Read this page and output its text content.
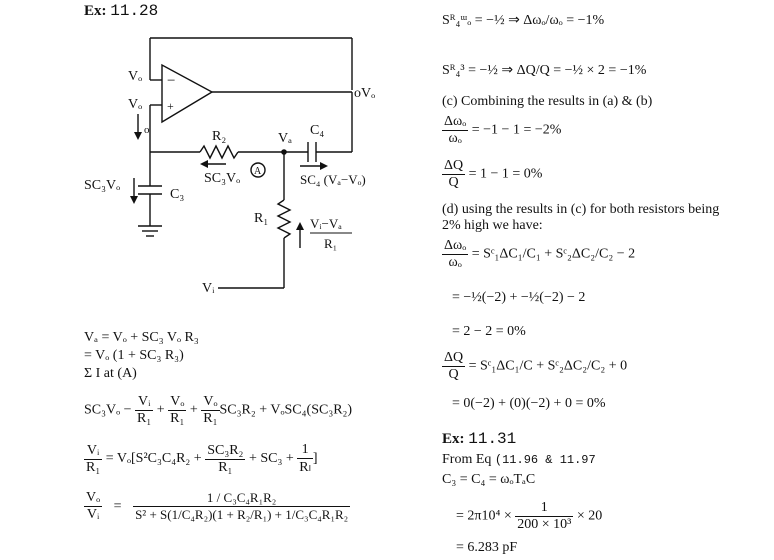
Ex: 11.28
Vₒ
Vₒ
−
+
oVₒ
o	R₂	Vₐ
C₄
A
SC₃Vₒ	SC₄ (Vₐ−Vₒ)
C₃
R₁	Vᵢ−Vₐ
R₁
Vᵢ
SC₃Vₒ
Vₐ = Vₒ + SC₃ Vₒ R₃
= Vₒ (1 + SC₃ R₃)
Σ I at (A)
$SC_3V_o - \frac{\text{Vᵢ}}{\text{R₁}} + \frac{\text{Vₒ}}{\text{R₁}} + \frac{\text{Vₒ}}{\text{R₁}} SC_3R_2 + V_oSC_4(SC_3R_2)$
$\frac{\text{Vᵢ}}{\text{R₁}} = V_o[S^2C_3C_4R_2 + \frac{\text{SC₃R₂}}{\text{R₁}} + SC_3 + \frac{1}{\text{Rₗ}}$ ]
$\frac{\text{Vₒ}}{\text{Vᵢ}} = \frac{\text{1 / C₃C₄R₁R₂}}{\text{S² + S(1/C₄R₂)(1 + R₂/R₁) + 1/C₃C₄R₁R₂}}$
Sᴿ₄ᵚₒ = −½ ⇒ Δωₒ/ωₒ = −1%
Sᴿ₄³ = −½ ⇒ ΔQ/Q = −½ × 2 = −1%
(c) Combining the results in (a) & (b)
$\frac{\text{Δωₒ}}{\text{ωₒ}} = -1 - 1 = -2\%$
$\frac{\Delta Q}{Q} = 1 - 1 = 0\%$
(d) using the results in (c) for both resistors being
2% high we have:
$\frac{\text{Δωₒ}}{\text{ωₒ}}$ = Sᶜ₁ΔC₁/C₁ + Sᶜ₂ΔC₂/C₂ − 2
= −½(−2) + −½(−2) − 2
= 2 − 2 = 0%
$\frac{\Delta Q}{Q}$ = Sᶜ₁ΔC₁/C + Sᶜ₂ΔC₂/C₂ + 0
= 0(−2) + (0)(−2) + 0 = 0%
Ex: 11.31
From Eq (11.96 & 11.97
C₃ = C₄ = ωₒTₐC
= $2\pi 10^4 \times \frac{1}{\text{200 × 10³}} \times 20$
= 6.283 pF
